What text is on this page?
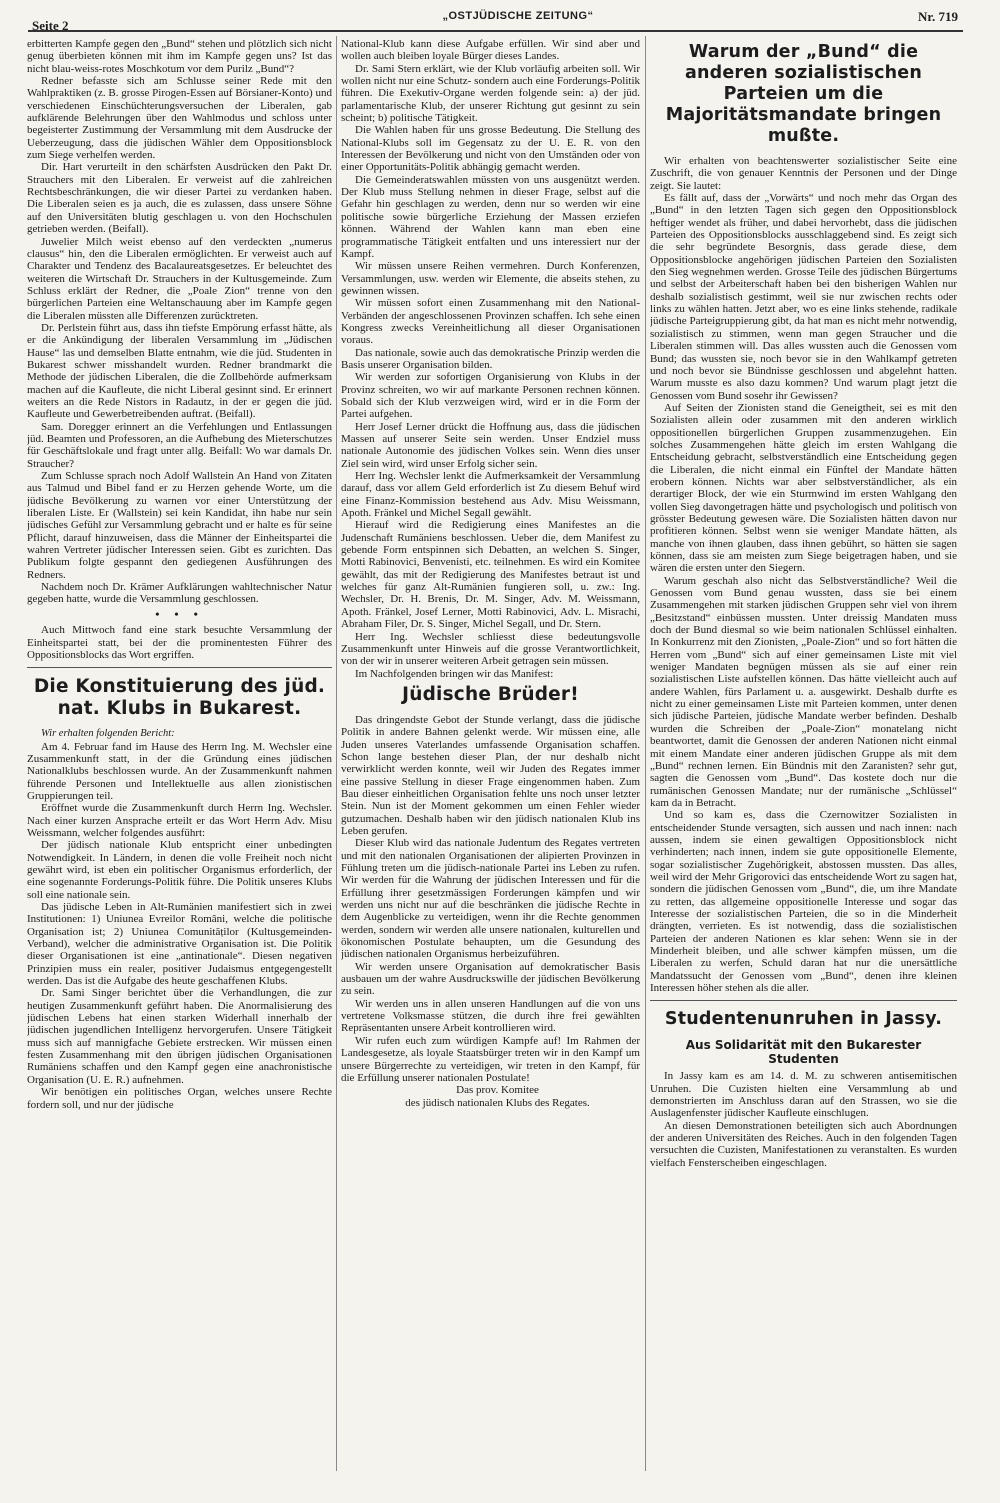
Seite 2
„OSTJÜDISCHE ZEITUNG“	Nr. 719

erbitterten Kampfe gegen den „Bund“ stehen und plötzlich sich nicht genug überbieten können mit ihm im Kampfe gegen uns? Ist das nicht blau-weiss-rotes Moschkotum vor dem Purilz „Bund“?

Redner befasste sich am Schlusse seiner Rede mit den Wahlpraktiken (z. B. grosse Pirogen-Essen auf Börsianer-Konto) und verschiedenen Einschüchterungsversuchen der Liberalen, gab aufklärende Belehrungen über den Wahlmodus und schloss unter begeisterter Zustimmung der Versammlung mit dem Ausdrucke der Ueberzeugung, dass die jüdischen Wähler dem Oppositionsblock zum Siege verhelfen werden.

Dir. Hart verurteilt in den schärfsten Ausdrücken den Pakt Dr. Strauchers mit den Liberalen. Er verweist auf die zahlreichen Rechtsbeschränkungen, die wir dieser Partei zu verdanken haben. Die Liberalen seien es ja auch, die es zulassen, dass unsere Söhne auf den Universitäten blutig geschlagen u. von den Hochschulen getrieben werden. (Beifall).

Juwelier Milch weist ebenso auf den verdeckten „numerus clausus“ hin, den die Liberalen ermöglichten. Er verweist auch auf Charakter und Tendenz des Bacalaureatsgesetzes. Er beleuchtet des weiteren die Wirtschaft Dr. Strauchers in der Kultusgemeinde. Zum Schluss erklärt der Redner, die „Poale Zion“ trenne von den bürgerlichen Parteien eine Weltanschauung aber im Kampfe gegen die Liberalen müssten alle Differenzen zurücktreten.

Dr. Perlstein führt aus, dass ihn tiefste Empörung erfasst hätte, als er die Ankündigung der liberalen Versammlung im „Jüdischen Hause“ las und demselben Blatte entnahm, wie die jüd. Studenten in Bukarest schwer misshandelt wurden. Redner brandmarkt die Methode der jüdischen Liberalen, die die Zollbehörde aufmerksam machen auf die Kaufleute, die nicht Liberal gesinnt sind. Er erinnert weiters an die Rede Nistors in Radautz, in der er gegen die jüd. Kaufleute und Gewerbetreibenden auftrat. (Beifall).

Sam. Doregger erinnert an die Verfehlungen und Entlassungen jüd. Beamten und Professoren, an die Aufhebung des Mieterschutzes für Geschäftslokale und fragt unter allg. Beifall: Wo war damals Dr. Straucher?

Zum Schlusse sprach noch Adolf Wallstein An Hand von Zitaten aus Talmud und Bibel fand er zu Herzen gehende Worte, um die jüdische Bevölkerung zu warnen vor einer Unterstützung der liberalen Liste. Er (Wallstein) sei kein Kandidat, ihn habe nur sein jüdisches Gefühl zur Versammlung gebracht und er halte es für seine Pflicht, darauf hinzuweisen, dass die Männer der Einheitspartei die wahren Vertreter jüdischer Interessen seien. Gibt es zurichten. Das Publikum folgte gespannt den gediegenen Ausführungen des Redners.

Nachdem noch Dr. Krämer Aufklärungen wahltechnischer Natur gegeben hatte, wurde die Versammlung geschlossen.

• • •

Auch Mittwoch fand eine stark besuchte Versammlung der Einheitspartei statt, bei der die prominentesten Führer des Oppositionsblocks das Wort ergriffen.

Die Konstituierung des jüd. nat. Klubs in Bukarest.

Wir erhalten folgenden Bericht:

Am 4. Februar fand im Hause des Herrn Ing. M. Wechsler eine Zusammenkunft statt, in der die Gründung eines jüdischen Nationalklubs beschlossen wurde. An der Zusammenkunft nahmen führende Personen und Intellektuelle aus allen zionistischen Gruppierungen teil.

Eröffnet wurde die Zusammenkunft durch Herrn Ing. Wechsler. Nach einer kurzen Ansprache erteilt er das Wort Herrn Adv. Misu Weissmann, welcher folgendes ausführt:

Der jüdisch nationale Klub entspricht einer unbedingten Notwendigkeit. In Ländern, in denen die volle Freiheit noch nicht gewährt wird, ist eben ein politischer Organismus erforderlich, der eine sogenannte Forderungs-Politik führe. Die Politik unseres Klubs soll eine nationale sein.

Das jüdische Leben in Alt-Rumänien manifestiert sich in zwei Institutionen: 1) Uniunea Evreilor Români, welche die politische Organisation ist; 2) Uniunea Comunităților (Kultusgemeinden-Verband), welcher die administrative Organisation ist. Die Politik dieser Organisationen ist eine „antinationale“. Diesen negativen Prinzipien muss ein realer, positiver Judaismus entgegengestellt werden. Das ist die Aufgabe des heute geschaffenen Klubs.

Dr. Sami Singer berichtet über die Verhandlungen, die zur heutigen Zusammenkunft geführt haben. Die Anormalisierung des jüdischen Lebens hat einen starken Widerhall innerhalb der jüdischen jugendlichen Intelligenz hervorgerufen. Unsere Tätigkeit muss sich auf mannigfache Gebiete erstrecken. Wir müssen einen festen Zusammenhang mit den übrigen jüdischen Organisationen Rumäniens schaffen und den Kampf gegen eine anachronistische Organisation (U. E. R.) aufnehmen.

Wir benötigen ein politisches Organ, welches unsere Rechte fordern soll, und nur der jüdische

National-Klub kann diese Aufgabe erfüllen. Wir sind aber und wollen auch bleiben loyale Bürger dieses Landes.

Dr. Sami Stern erklärt, wie der Klub vorläufig arbeiten soll. Wir wollen nicht nur eine Schutz- sondern auch eine Forderungs-Politik führen. Die Exekutiv-Organe werden folgende sein: a) der jüd. parlamentarische Klub, der unserer Richtung gut gesinnt zu sein scheint; b) politische Tätigkeit.

Die Wahlen haben für uns grosse Bedeutung. Die Stellung des National-Klubs soll im Gegensatz zu der U. E. R. von den Interessen der Bevölkerung und nicht von den Umständen oder von einer Opportunitäts-Politik abhängig gemacht werden.

Die Gemeinderatswahlen müssten von uns ausgenützt werden. Der Klub muss Stellung nehmen in dieser Frage, selbst auf die Gefahr hin geschlagen zu werden, denn nur so werden wir eine politische sowie bürgerliche Erziehung der Massen erziefen können. Während der Wahlen kann man eben eine programmatische Tätigkeit entfalten und uns interessiert nur der Kampf.

Wir müssen unsere Reihen vermehren. Durch Konferenzen, Versammlungen, usw. werden wir Elemente, die abseits stehen, zu gewinnen wissen.

Wir müssen sofort einen Zusammenhang mit den National-Verbänden der angeschlossenen Provinzen schaffen. Ich sehe einen Kongress zwecks Vereinheitlichung all dieser Organisationen voraus.

Das nationale, sowie auch das demokratische Prinzip werden die Basis unserer Organisation bilden.

Wir werden zur sofortigen Organisierung von Klubs in der Provinz schreiten, wo wir auf markante Personen rechnen können. Sobald sich der Klub verzweigen wird, wird er in die Form der Partei aufgehen.

Herr Josef Lerner drückt die Hoffnung aus, dass die jüdischen Massen auf unserer Seite sein werden. Unser Endziel muss nationale Autonomie des jüdischen Volkes sein. Wenn dies unser Ziel sein wird, wird unser Erfolg sicher sein.

Herr Ing. Wechsler lenkt die Aufmerksamkeit der Versammlung darauf, dass vor allem Geld erforderlich ist Zu diesem Behuf wird eine Finanz-Kommission bestehend aus Adv. Misu Weissmann, Apoth. Fränkel und Michel Segall gewählt.

Hierauf wird die Redigierung eines Manifestes an die Judenschaft Rumäniens beschlossen. Ueber die, dem Manifest zu gebende Form entspinnen sich Debatten, an welchen S. Singer, Motti Rabinovici, Benvenisti, etc. teilnehmen. Es wird ein Komitee gewählt, das mit der Redigierung des Manifestes betraut ist und welches für ganz Alt-Rumänien fungieren soll, u. zw.: Ing. Wechsler, Dr. H. Brenis, Dr. M. Singer, Adv. M. Weissmann, Apoth. Fränkel, Josef Lerner, Motti Rabinovici, Adv. L. Misrachi, Abraham Filer, Dr. S. Singer, Michel Segall, und Dr. Stern.

Herr Ing. Wechsler schliesst diese bedeutungsvolle Zusammenkunft unter Hinweis auf die grosse Verantwortlichkeit, von der wir in unserer weiteren Arbeit getragen sein müssen.

Im Nachfolgenden bringen wir das Manifest:

Jüdische Brüder!

Das dringendste Gebot der Stunde verlangt, dass die jüdische Politik in andere Bahnen gelenkt werde. Wir müssen eine, alle Juden unseres Vaterlandes umfassende Organisation schaffen. Schon lange bestehen dieser Plan, der nur deshalb nicht verwirklicht werden konnte, weil wir Juden des Regates immer eine passive Stellung in dieser Frage eingenommen haben. Zum Bau dieser einheitlichen Organisation fehlte uns noch unser letzter Stein. Nun ist der Moment gekommen um einen Fehler wieder gutzumachen. Deshalb haben wir den jüdisch nationalen Klub ins Leben gerufen.

Dieser Klub wird das nationale Judentum des Regates vertreten und mit den nationalen Organisationen der alipierten Provinzen in Fühlung treten um die jüdisch-nationale Partei ins Leben zu rufen. Wir werden für die Wahrung der jüdischen Interessen und für die Erfüllung ihrer gesetzmässigen Forderungen kämpfen und wir werden uns nicht nur auf die beschränken die jüdische Rechte in dem Augenblicke zu verteidigen, wenn ihr die Rechte genommen werden, sondern wir werden alle unsere nationalen, kulturellen und ökonomischen Postulate behaupten, um die Gesundung des jüdischen nationalen Organismus herbeizuführen.

Wir werden unsere Organisation auf demokratischer Basis ausbauen um der wahre Ausdruckswille der jüdischen Bevölkerung zu sein.

Wir werden uns in allen unseren Handlungen auf die von uns vertretene Volksmasse stützen, die durch ihre frei gewählten Repräsentanten unsere Arbeit kontrollieren wird.

Wir rufen euch zum würdigen Kampfe auf! Im Rahmen der Landesgesetze, als loyale Staatsbürger treten wir in den Kampf um unsere Bürgerrechte zu verteidigen, wir treten in den Kampf, für die Erfüllung unserer nationalen Postulate!

Das prov. Komitee

des jüdisch nationalen Klubs des Regates.

Warum der „Bund“ die anderen sozialistischen Parteien um die Majoritätsmandate bringen mußte.

Wir erhalten von beachtenswerter sozialistischer Seite eine Zuschrift, die von genauer Kenntnis der Personen und der Dinge zeigt. Sie lautet:

Es fällt auf, dass der „Vorwärts“ und noch mehr das Organ des „Bund“ in den letzten Tagen sich gegen den Oppositionsblock heftiger wendet als früher, und dabei hervorhebt, dass die jüdischen Parteien des Oppositionsblocks ausschlaggebend sind. Es zeigt sich die sehr begründete Besorgnis, dass gerade diese, dem Oppositionsblocke angehörigen jüdischen Parteien den Sozialisten den Sieg wegnehmen werden. Grosse Teile des jüdischen Bürgertums und selbst der Arbeiterschaft haben bei den bisherigen Wahlen nur deshalb sozialistisch gestimmt, weil sie nur zwischen rechts oder links zu wählen hatten. Jetzt aber, wo es eine links stehende, radikale jüdische Parteigruppierung gibt, da hat man es nicht mehr notwendig, sozialistisch zu stimmen, wenn man gegen Straucher und die Liberalen stimmen will. Das alles wussten auch die Genossen vom Bund; das wussten sie, noch bevor sie in den Wahlkampf getreten und noch bevor sie Bündnisse geschlossen und abgelehnt hatten. Warum musste es also dazu kommen? Und warum plagt jetzt die Genossen vom Bund sosehr ihr Gewissen?

Auf Seiten der Zionisten stand die Geneigtheit, sei es mit den Sozialisten allein oder zusammen mit den anderen wirklich oppositionellen bürgerlichen Gruppen zusammenzugehen. Ein solches Zusammengehen hätte gleich im ersten Wahlgang die Entscheidung gebracht, selbstverständlich eine Entscheidung gegen die Liberalen, die nicht einmal ein Fünftel der Mandate hätten erobern können. Nichts war aber selbstverständlicher, als ein derartiger Block, der wie ein Sturmwind im ersten Wahlgang den vollen Sieg davongetragen hätte und psychologisch und politisch von grösster Bedeutung gewesen wäre. Die Sozialisten hätten davon nur profitieren können. Selbst wenn sie weniger Mandate hätten, als manche von ihnen glauben, dass ihnen gebührt, so hätten sie sagen können, dass sie am meisten zum Siege beigetragen haben, und sie wären die ersten unter den Siegern.

Warum geschah also nicht das Selbstverständliche? Weil die Genossen vom Bund genau wussten, dass sie bei einem Zusammengehen mit starken jüdischen Gruppen sehr viel von ihrem „Besitzstand“ einbüssen mussten. Unter dreissig Mandaten muss doch der Bund diesmal so wie beim nationalen Schlüssel einhalten. In Konkurrenz mit den Zionisten, „Poale-Zion“ und so fort hätten die Herren vom „Bund“ sich auf einer gemeinsamen Liste mit viel weniger Mandaten begnügen müssen als sie auf einer rein sozialistischen Liste aufstellen können. Das hätte vielleicht auch auf andere Wahlen, fürs Parlament u. a. ausgewirkt. Deshalb durfte es nicht zu einer gemeinsamen Liste mit Parteien kommen, unter denen sich jüdische Parteien, jüdische Mandate werber befinden. Deshalb wurden die Schreiben der „Poale-Zion“ monatelang nicht beantwortet, damit die Genossen der anderen Nationen nicht einmal mit einem Mandate einer anderen jüdischen Gruppe als mit dem „Bund“ rechnen lernen. Ein Bündnis mit den Zaranisten? sehr gut, sagten die Genossen vom „Bund“. Das kostete doch nur die rumänischen Genossen Mandate; nur der rumänische „Schlüssel“ kam da in Betracht.

Und so kam es, dass die Czernowitzer Sozialisten in entscheidender Stunde versagten, sich aussen und nach innen: nach aussen, indem sie einen gewaltigen Oppositionsblock nicht verhinderten; nach innen, indem sie gute oppositionelle Elemente, sogar sozialistischer Zugehörigkeit, abstossen mussten. Das alles, weil wird der Mehr Grigorovici das entscheidende Wort zu sagen hat, sondern die jüdischen Genossen vom „Bund“, die, um ihre Mandate zu retten, das allgemeine oppositionelle Interesse und sogar das Interesse der sozialistischen Parteien, die so in die Minderheit drängten, verrieten. Es ist notwendig, dass die sozialistischen Parteien der anderen Nationen es klar sehen: Wenn sie in der Minderheit bleiben, und alle schwer kämpfen müssen, um die Liberalen zu werfen, Schuld daran hat nur die unersättliche Mandatssucht der Genossen vom „Bund“, denen ihre kleinen Interessen höher stehen als die aller.

Studentenunruhen in Jassy.
Aus Solidarität mit den Bukarester Studenten

In Jassy kam es am 14. d. M. zu schweren antisemitischen Unruhen. Die Cuzisten hielten eine Versammlung ab und demonstrierten im Anschluss daran auf den Strassen, wo sie die Auslagenfenster jüdischer Kaufleute einschlugen.

An diesen Demonstrationen beteiligten sich auch Abordnungen der anderen Universitäten des Reiches. Auch in den folgenden Tagen versuchten die Cuzisten, Manifestationen zu veranstalten. Es wurden vielfach Fensterscheiben eingeschlagen.
